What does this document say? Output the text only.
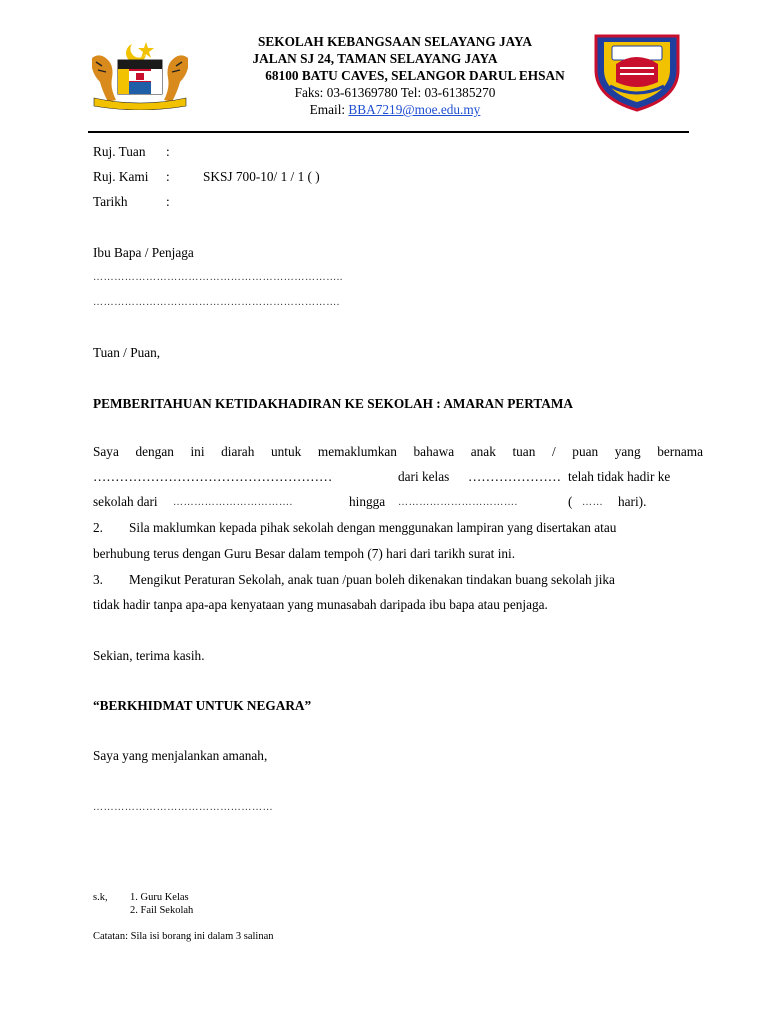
SEKOLAH KEBANGSAAN SELAYANG JAYA
JALAN SJ 24, TAMAN SELAYANG JAYA
68100 BATU CAVES, SELANGOR DARUL EHSAN
Faks: 03-61369780 Tel: 03-61385270
Email: BBA7219@moe.edu.my
Ruj. Tuan :
Ruj. Kami :	SKSJ 700-10/ 1 / 1 ( )
Tarikh	:
Ibu Bapa / Penjaga
……………………………………………………………..
…………………………………………………………….
Tuan / Puan,
PEMBERITAHUAN KETIDAKHADIRAN KE SEKOLAH : AMARAN PERTAMA
Saya dengan ini diarah untuk memaklumkan bahawa anak tuan / puan yang bernama
………………………………………………	dari kelas ………………… telah tidak hadir ke
sekolah dari …………………………….	hingga …………………………….	( …… hari).
2. Sila maklumkan kepada pihak sekolah dengan menggunakan lampiran yang disertakan atau
berhubung terus dengan Guru Besar dalam tempoh (7) hari dari tarikh surat ini.
3. Mengikut Peraturan Sekolah, anak tuan /puan boleh dikenakan tindakan buang sekolah jika
tidak hadir tanpa apa-apa kenyataan yang munasabah daripada ibu bapa atau penjaga.
Sekian, terima kasih.
“BERKHIDMAT UNTUK NEGARA”
Saya yang menjalankan amanah,
……………………………………………
s.k, 1. Guru Kelas
2. Fail Sekolah
Catatan: Sila isi borang ini dalam 3 salinan
